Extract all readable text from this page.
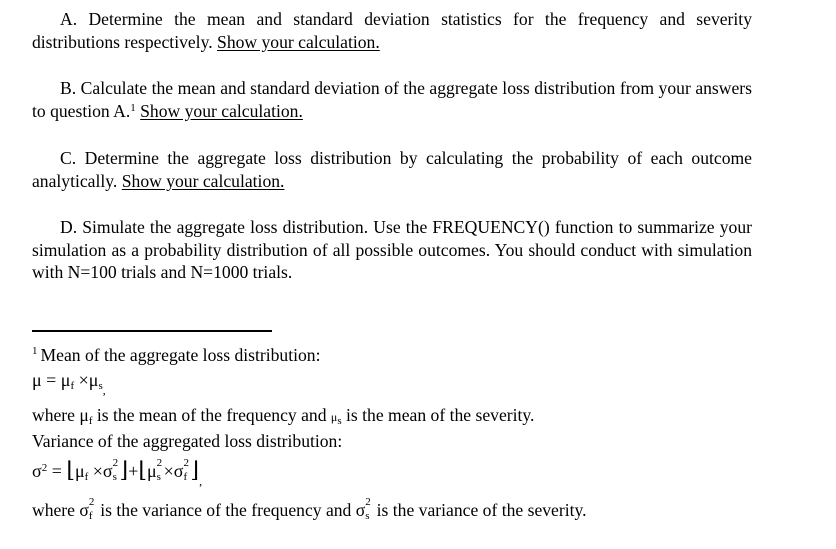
A. Determine the mean and standard deviation statistics for the frequency and severity distributions respectively. Show your calculation.

B. Calculate the mean and standard deviation of the aggregate loss distribution from your answers to question A.$^1$ Show your calculation.

C. Determine the aggregate loss distribution by calculating the probability of each outcome analytically. Show your calculation.

D. Simulate the aggregate loss distribution. Use the FREQUENCY() function to summarize your simulation as a probability distribution of all possible outcomes. You should conduct with simulation with N=100 trials and N=1000 trials.

$^1$ Mean of the aggregate loss distribution:

$\mu = \mu_f \times\mu_{s,}$

where $\mu_f$ is the mean of the frequency and $\mu_s$ is the mean of the severity.

Variance of the aggregated loss distribution:

$\sigma^2$ = $⌊\mu_f \times\sigma$ 2
s ⌋+⌊μ 2
s ×σ 2
f $⌋_,$

where σ 2
f is the variance of the frequency and σ 2
s is the variance of the severity.
